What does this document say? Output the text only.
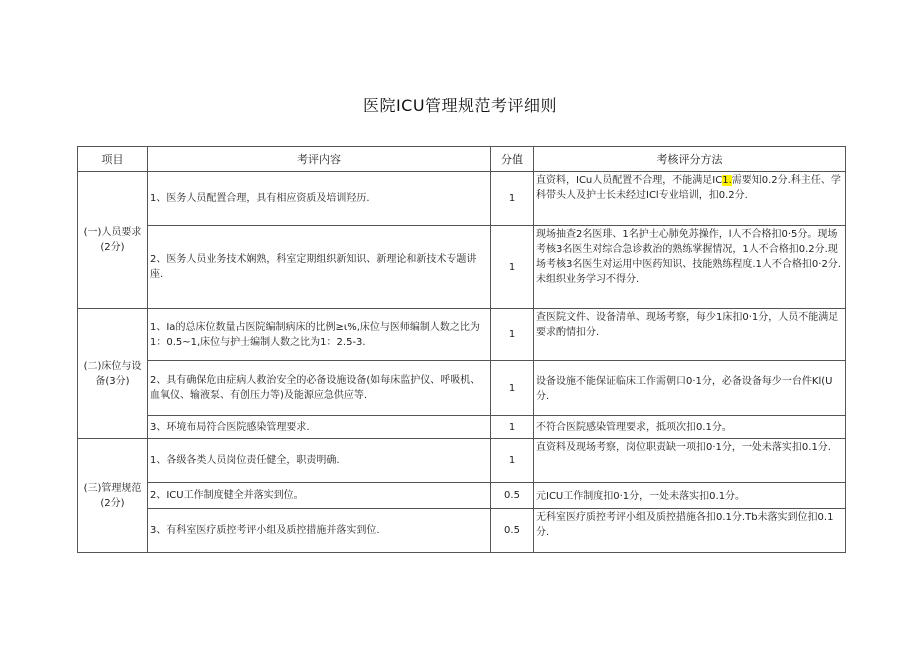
医院ICU管理规范考评细则
项目	考评内容	分值	考核评分方法
(一)人员要求(2分)	1、医务人员配置合理，具有相应资质及培训羟历.	1	直资料，ICu人员配置不合理，不能满足IC1.需要知0.2分.科主任、学科带头人及护士长未经过ICl专业培训，扣0.2分.
	2、医务人员业务技术娴熟，科室定期组织新知识、新理论和新技术专题讲座.	1	现场抽查2名医琲、1名护士心肺免苏操作，l人不合格扣0·5分。现场考核3名医生对综合急诊救治的熟练掌握情况，1人不合格扣0.2分.现场考核3名医生对运用中医药知识、技能熟练程度.1人不合格扣0·2分.未组织业务学习不得分.
(二)床位与设备(3分)	1、Ia的总床位数量占医院编制病床的比例≥ι%,床位与医师编制人数之比为1：0.5~1,床位与护士编制人数之比为1：2.5-3.	1	查医院文件、设备清单、现场考察，每少1床扣0·1分，人员不能满足要求酌情扣分.
	2、具有确保危由症病人救治安全的必备设施设备(如每床监护仪、呼吸机、血氧仪、输液泵、有创压力等)及能源应急供应等.	1	设备设施不能保证临床工作需朝口0·1分，必备设备每少一台件Kl(U分.
	3、环境布局符合医院感染管理要求.	1	不符合医院感染管理要求，抵项次扣0.1分。
(三)管理规范(2分)	1、各级各类人员岗位责任健全，职责明确.	1	直资料及现场考察，岗位职责缺一项扣0·1分，一处未落实扣0.1分.
	2、ICU工作制度健全并落实到位。	0.5	元ICU工作制度扣0·1分，一处未落实扣0.1分。
	3、有科室医疗质控考评小组及质控措施并落实到位.	0.5	无科室医疗质控考评小组及质控措施各扣0.1分.Tb未落实到位扣0.1分.
